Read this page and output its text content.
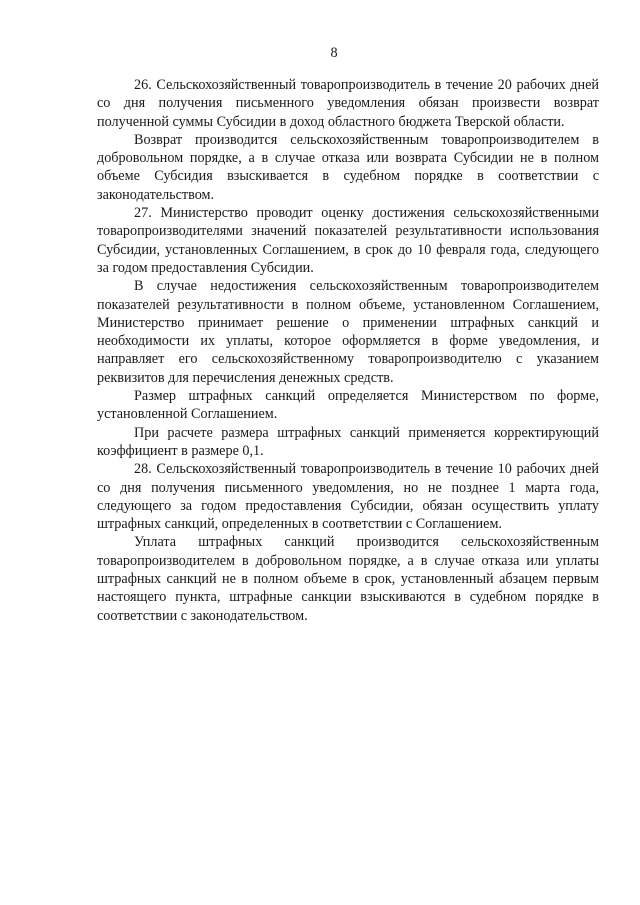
8

26. Сельскохозяйственный товаропроизводитель в течение 20 рабочих дней со дня получения письменного уведомления обязан произвести возврат полученной суммы Субсидии в доход областного бюджета Тверской области.

Возврат производится сельскохозяйственным товаропроизводителем в добровольном порядке, а в случае отказа или возврата Субсидии не в полном объеме Субсидия взыскивается в судебном порядке в соответствии с законодательством.

27. Министерство проводит оценку достижения сельскохозяйственными товаропроизводителями значений показателей результативности использования Субсидии, установленных Соглашением, в срок до 10 февраля года, следующего за годом предоставления Субсидии.

В случае недостижения сельскохозяйственным товаропроизводителем показателей результативности в полном объеме, установленном Соглашением, Министерство принимает решение о применении штрафных санкций и необходимости их уплаты, которое оформляется в форме уведомления, и направляет его сельскохозяйственному товаропроизводителю с указанием реквизитов для перечисления денежных средств.

Размер штрафных санкций определяется Министерством по форме, установленной Соглашением.

При расчете размера штрафных санкций применяется корректирующий коэффициент в размере 0,1.

28. Сельскохозяйственный товаропроизводитель в течение 10 рабочих дней со дня получения письменного уведомления, но не позднее 1 марта года, следующего за годом предоставления Субсидии, обязан осуществить уплату штрафных санкций, определенных в соответствии с Соглашением.

Уплата штрафных санкций производится сельскохозяйственным товаропроизводителем в добровольном порядке, а в случае отказа или уплаты штрафных санкций не в полном объеме в срок, установленный абзацем первым настоящего пункта, штрафные санкции взыскиваются в судебном порядке в соответствии с законодательством.
